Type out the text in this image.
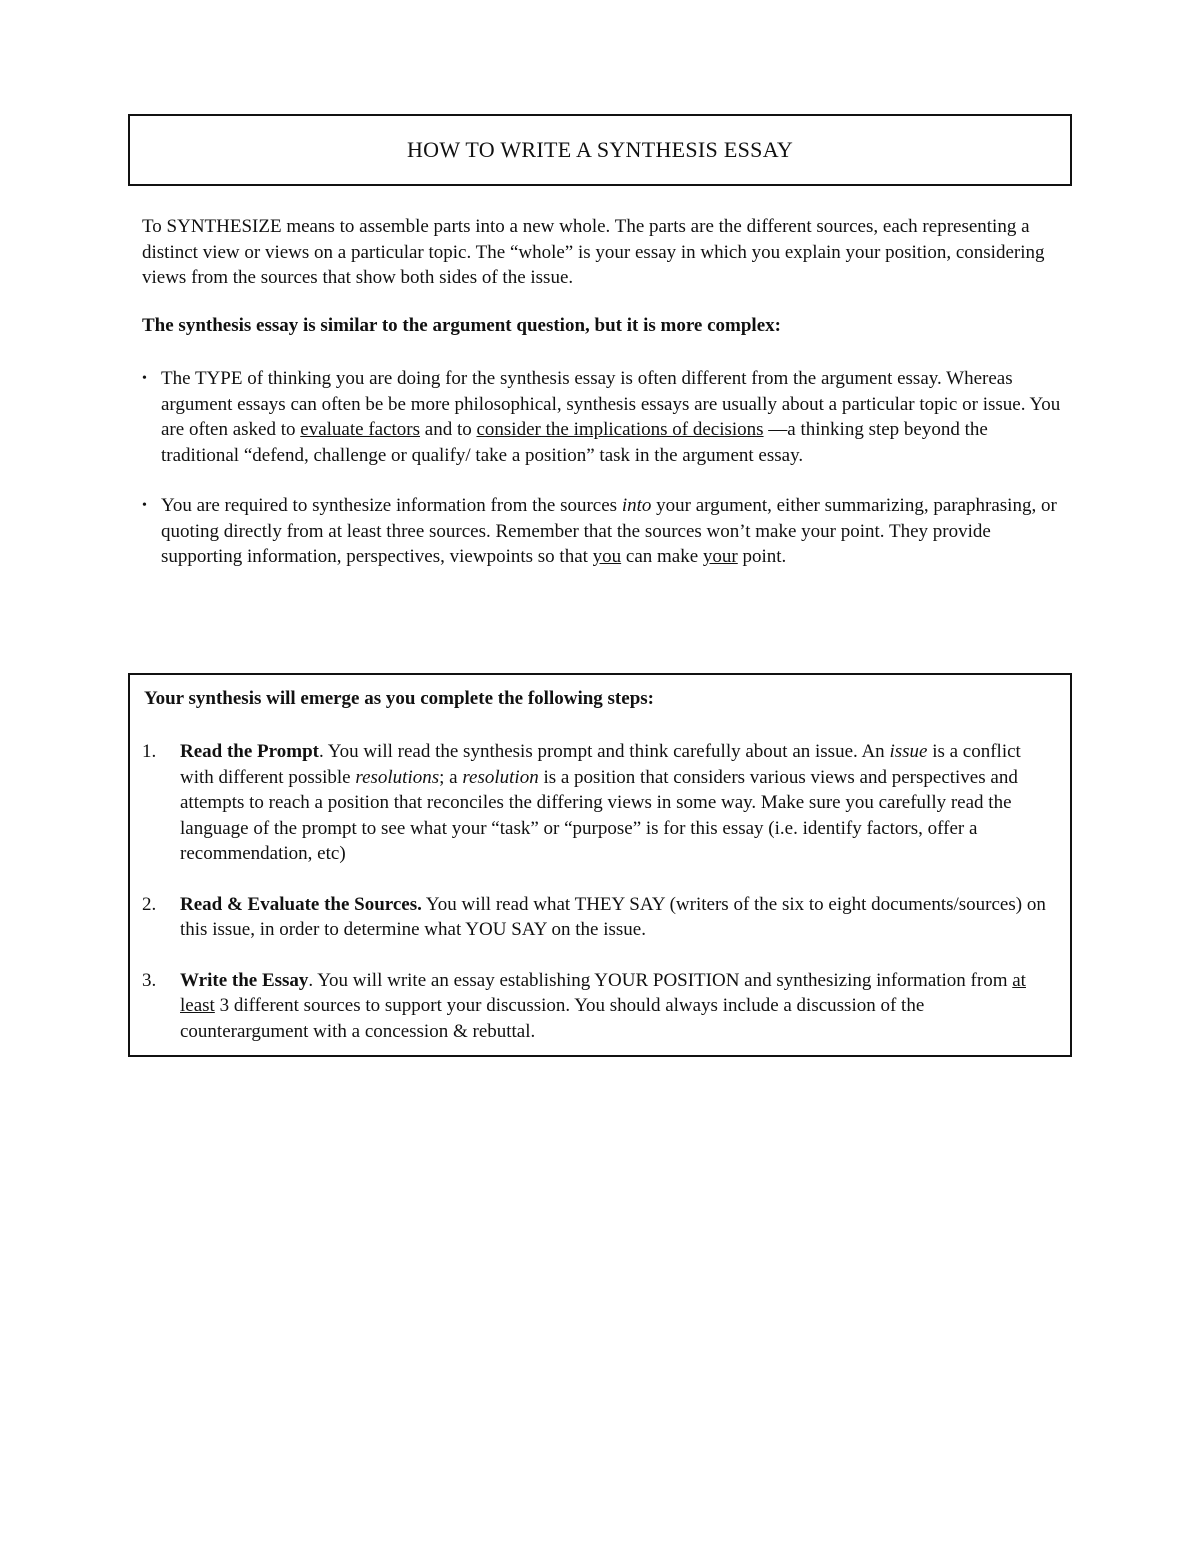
HOW TO WRITE A SYNTHESIS ESSAY

To SYNTHESIZE means to assemble parts into a new whole. The parts are the different sources, each representing a distinct view or views on a particular topic. The “whole” is your essay in which you explain your position, considering views from the sources that show both sides of the issue.

The synthesis essay is similar to the argument question, but it is more complex:

• The TYPE of thinking you are doing for the synthesis essay is often different from the argument essay. Whereas argument essays can often be be more philosophical, synthesis essays are usually about a particular topic or issue. You are often asked to evaluate factors and to consider the implications of decisions —a thinking step beyond the traditional “defend, challenge or qualify/ take a position” task in the argument essay.
• You are required to synthesize information from the sources into your argument, either summarizing, paraphrasing, or quoting directly from at least three sources. Remember that the sources won’t make your point. They provide supporting information, perspectives, viewpoints so that you can make your point.

Your synthesis will emerge as you complete the following steps:

1. Read the Prompt. You will read the synthesis prompt and think carefully about an issue. An issue is a conflict with different possible resolutions; a resolution is a position that considers various views and perspectives and attempts to reach a position that reconciles the differing views in some way. Make sure you carefully read the language of the prompt to see what your “task” or “purpose” is for this essay (i.e. identify factors, offer a recommendation, etc)
2. Read & Evaluate the Sources. You will read what THEY SAY (writers of the six to eight documents/sources) on this issue, in order to determine what YOU SAY on the issue.
3. Write the Essay. You will write an essay establishing YOUR POSITION and synthesizing information from at least 3 different sources to support your discussion. You should always include a discussion of the counterargument with a concession & rebuttal.
